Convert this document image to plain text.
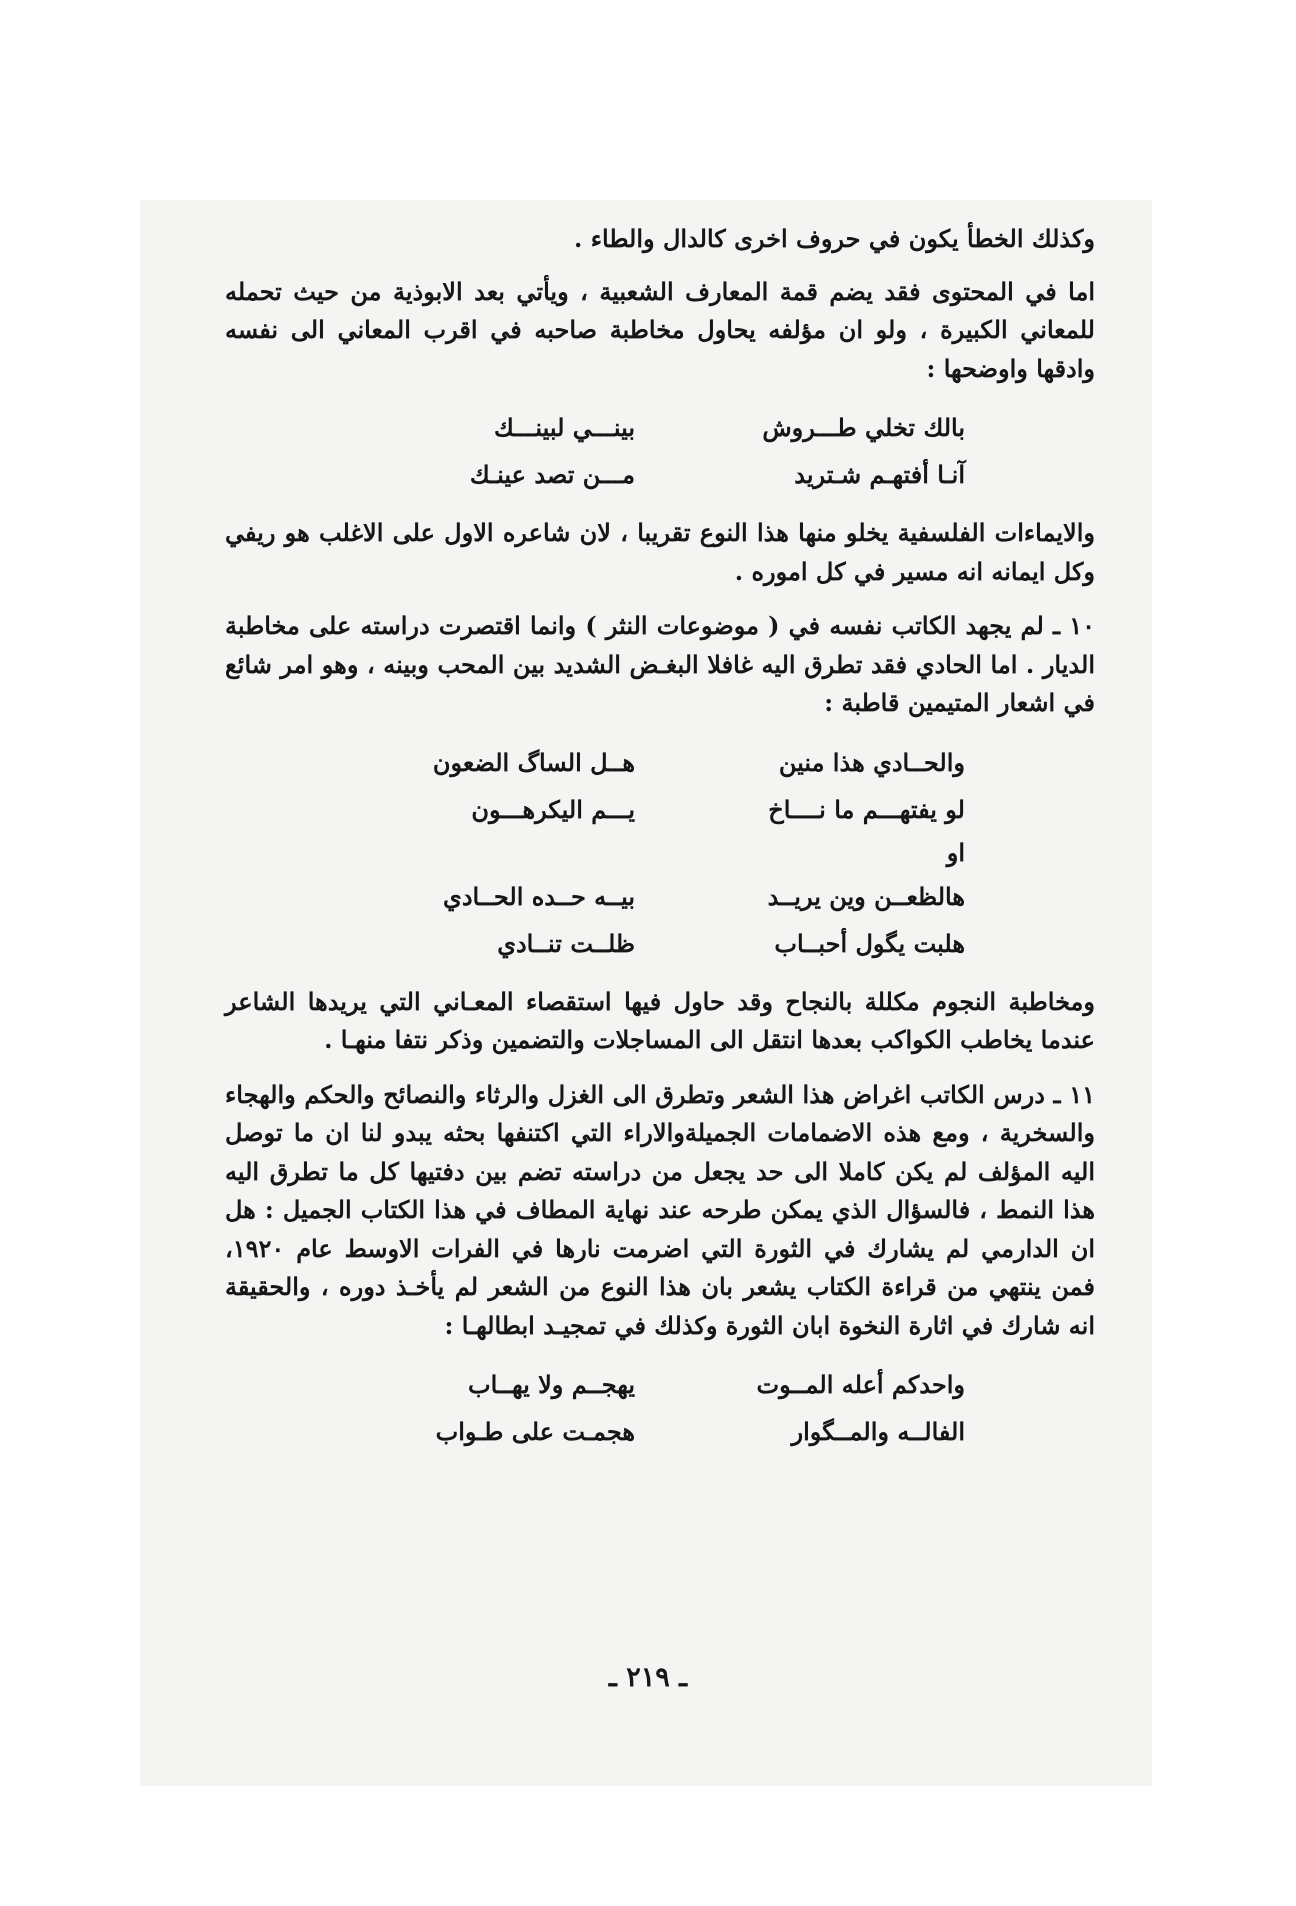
وكذلك الخطأ يكون في حروف اخرى كالدال والطاء .

اما في المحتوى فقد يضم قمة المعارف الشعبية ، ويأتي بعد الابوذية من حيث تحمله للمعاني الكبيرة ، ولو ان مؤلفه يحاول مخاطبة صاحبه في اقرب المعاني الى نفسه وادقها واوضحها :

بالك تخلي طـــروش
بينـــي لبينـــك
آنـا أفتهـم شـتريد
مـــن تصد عينـك

والايماءات الفلسفية يخلو منها هذا النوع تقريبا ، لان شاعره الاول على الاغلب هو ريفي وكل ايمانه انه مسير في كل اموره .

١٠ ـ لم يجهد الكاتب نفسه في ( موضوعات النثر ) وانما اقتصرت دراسته على مخاطبة الديار . اما الحادي فقد تطرق اليه غافلا البغـض الشديد بين المحب وبينه ، وهو امر شائع في اشعار المتيمين قاطبة :

والحــادي هذا منين
هــل الساگ الضعون
لو يفتهـــم ما نــــاخ
يـــم اليكرهـــون
او
هالظعــن وين يريــد
بيــه حــده الحــادي
هلبت يگول أحبــاب
ظلــت تنــادي

ومخاطبة النجوم مكللة بالنجاح وقد حاول فيها استقصاء المعـاني التي يريدها الشاعر عندما يخاطب الكواكب بعدها انتقل الى المساجلات والتضمين وذكر نتفا منهـا .

١١ ـ درس الكاتب اغراض هذا الشعر وتطرق الى الغزل والرثاء والنصائح والحكم والهجاء والسخرية ، ومع هذه الاضمامات الجميلةوالاراء التي اكتنفها بحثه يبدو لنا ان ما توصل اليه المؤلف لم يكن كاملا الى حد يجعل من دراسته تضم بين دفتيها كل ما تطرق اليه هذا النمط ، فالسؤال الذي يمكن طرحه عند نهاية المطاف في هذا الكتاب الجميل : هل ان الدارمي لم يشارك في الثورة التي اضرمت نارها في الفرات الاوسط عام ١٩٢٠، فمن ينتهي من قراءة الكتاب يشعر بان هذا النوع من الشعر لم يأخـذ دوره ، والحقيقة انه شارك في اثارة النخوة ابان الثورة وكذلك في تمجيـد ابطالهـا :

واحدكم أعله المــوت
يهجــم ولا يهــاب
الفالــه والمــگوار
هجمـت على طـواب
ـ ٢١٩ ـ
